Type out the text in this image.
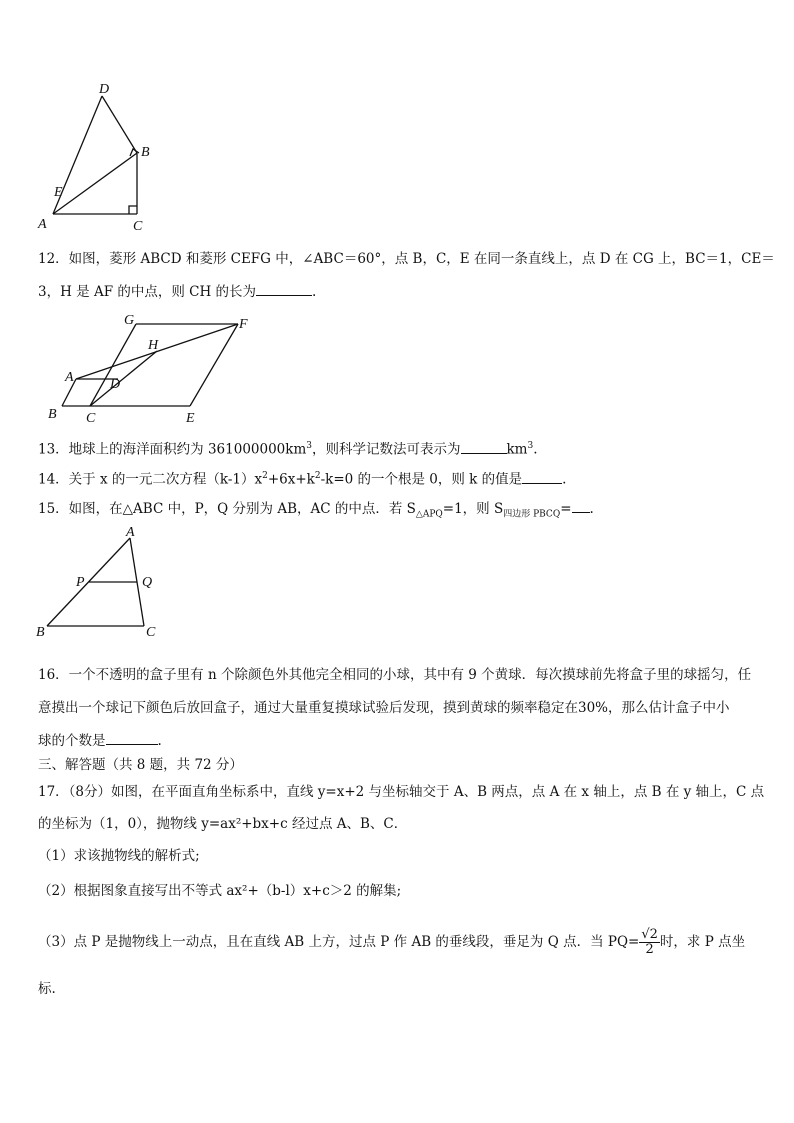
D
B
E
A	C
12．如图，菱形 ABCD 和菱形 CEFG 中，∠ABC＝60°，点 B，C，E 在同一条直线上，点 D 在 CG 上，BC＝1，CE＝
3，H 是 AF 的中点，则 CH 的长为	.
G	F
H
A	D
B C	E
13．地球上的海洋面积约为 $361000000km^3$，则科学记数法可表示为	$km^3$.
14．关于 x 的一元二次方程$(k-1)x^2+6x+k^2-k=0$ 的一个根是 0，则 k 的值是	.
15．如图，在△ABC 中，P，Q 分别为 AB，AC 的中点．若 $S_{\triangle APQ}=1$，则 $S_{四边形 PBCQ}=$ .
A
P	Q
B	C
16．一个不透明的盒子里有 n 个除颜色外其他完全相同的小球，其中有 9 个黄球．每次摸球前先将盒子里的球摇匀，任
意摸出一个球记下颜色后放回盒子，通过大量重复摸球试验后发现，摸到黄球的频率稳定在30%，那么估计盒子中小
球的个数是	.
三、解答题（共 8 题，共 72 分）
17．（8分）如图，在平面直角坐标系中，直线 y=x+2 与坐标轴交于 A、B 两点，点 A 在 x 轴上，点 B 在 y 轴上，C 点
的坐标为（1，0），抛物线 y=ax²+bx+c 经过点 A、B、C．
（1）求该抛物线的解析式;
（2）根据图象直接写出不等式 ax²+（b-l）x+c＞2 的解集;
（3）点 P 是抛物线上一动点，且在直线 AB 上方，过点 P 作 AB 的垂线段，垂足为 Q 点．当 $PQ= \frac{√2}{2}$ 时，求 P 点坐
标.
